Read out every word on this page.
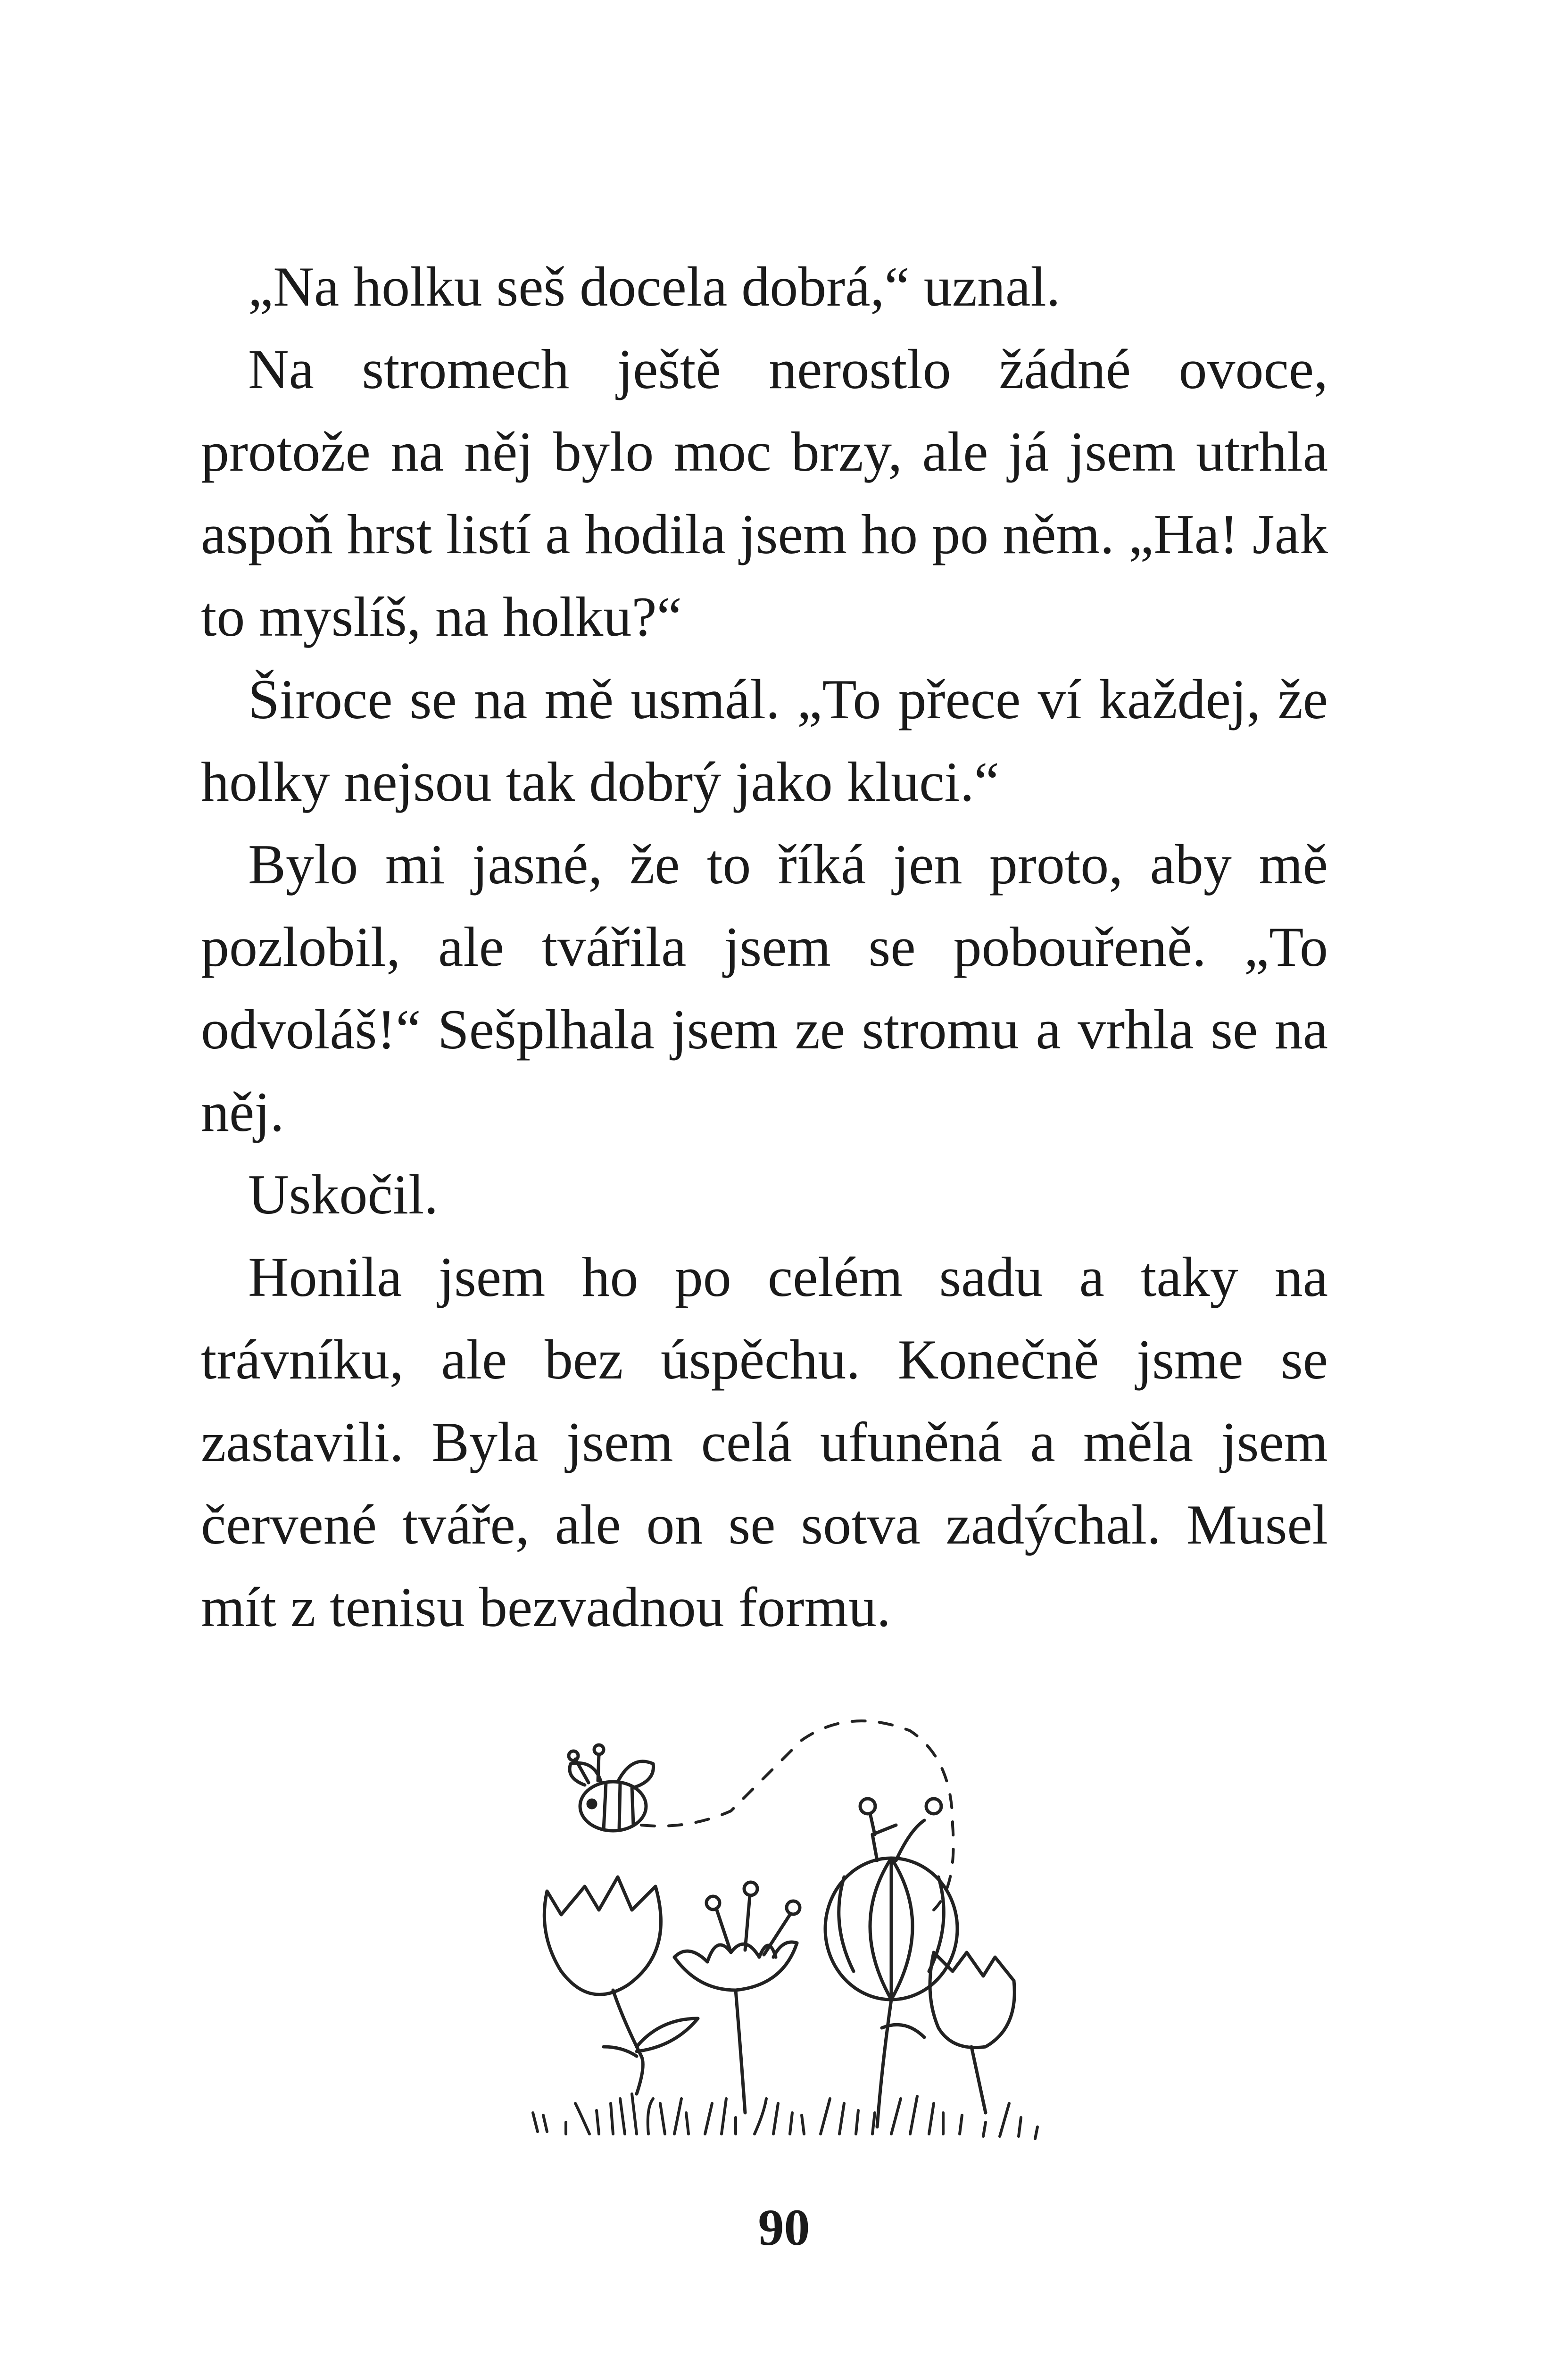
„Na holku seš docela dobrá,“ uznal.

Na stromech ještě nerostlo žádné ovoce, protože na něj bylo moc brzy, ale já jsem utrhla aspoň hrst listí a hodila jsem ho po něm. „Ha! Jak to myslíš, na holku?“

Široce se na mě usmál. „To přece ví každej, že holky nejsou tak dobrý jako kluci.“

Bylo mi jasné, že to říká jen proto, aby mě pozlobil, ale tvářila jsem se pobouřeně. „To odvoláš!“ Sešplhala jsem ze stromu a vrhla se na něj.

Uskočil.

Honila jsem ho po celém sadu a taky na trávníku, ale bez úspěchu. Konečně jsme se zastavili. Byla jsem celá ufuněná a měla jsem červené tváře, ale on se sotva zadýchal. Musel mít z tenisu bezvadnou formu.

90
